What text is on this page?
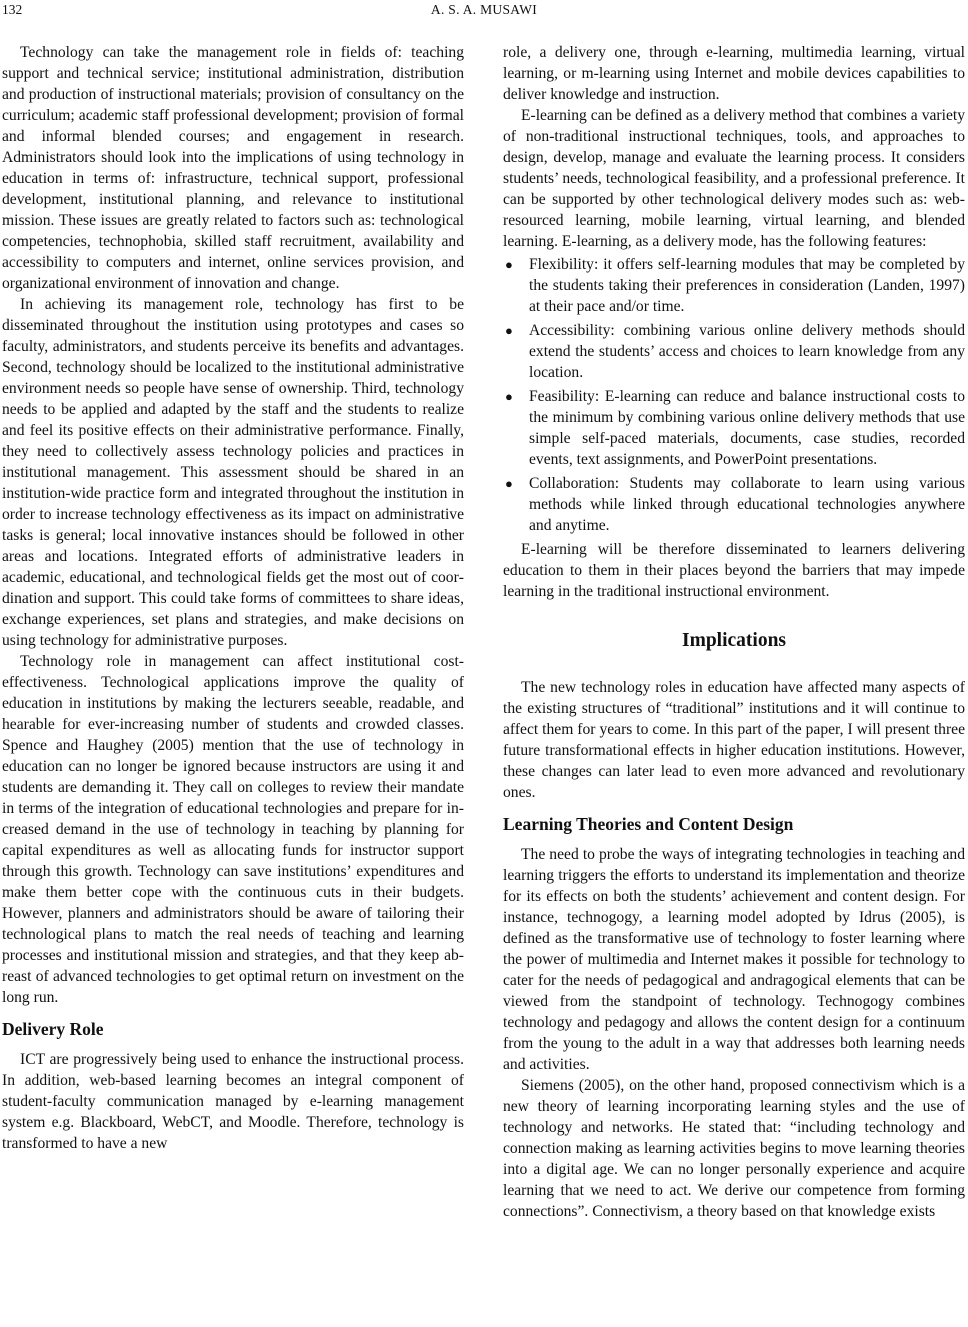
132	A. S. A. MUSAWI

Technology can take the management role in fields of: teaching support and technical service; institutional administration, distribution and production of instructional materials; provision of consultancy on the curriculum; academic staff professional development; provision of formal and informal blended courses; and engagement in research. Administrators should look into the implications of using technology in education in terms of: infrastructure, technical support, professional development, institutional planning, and relevance to institutional mission. These issues are greatly related to factors such as: technological competencies, technophobia, skilled staff recruitment, availability and accessibility to computers and internet, online services provision, and organizational environment of innovation and change.

In achieving its management role, technology has first to be disseminated throughout the institution using prototypes and cases so faculty, administrators, and students perceive its benefits and advantages. Second, technology should be localized to the institutional administrative environment needs so people have sense of ownership. Third, technology needs to be applied and adapted by the staff and the students to realize and feel its positive effects on their administrative performance. Finally, they need to collectively assess technology policies and practices in institutional management. This assessment should be shared in an institution-wide practice form and integrated throughout the institution in order to increase technology effectiveness as its impact on administrative tasks is general; local innovative instances should be followed in other areas and locations. Integrated efforts of administrative leaders in academic, educational, and technological fields get the most out of coordination and support. This could take forms of committees to share ideas, exchange experiences, set plans and strategies, and make decisions on using technology for administrative purposes.

Technology role in management can affect institutional cost-effectiveness. Technological applications improve the quality of education in institutions by making the lecturers seeable, readable, and hearable for ever-increasing number of students and crowded classes. Spence and Haughey (2005) mention that the use of technology in education can no longer be ignored because instructors are using it and students are demanding it. They call on colleges to review their mandate in terms of the integration of educational technologies and prepare for increased demand in the use of technology in teaching by planning for capital expenditures as well as allocating funds for instructor support through this growth. Technology can save institutions’ expenditures and make them better cope with the continuous cuts in their budgets. However, planners and administrators should be aware of tailoring their technological plans to match the real needs of teaching and learning processes and institutional mission and strategies, and that they keep abreast of advanced technologies to get optimal return on investment on the long run.

Delivery Role

ICT are progressively being used to enhance the instructional process. In addition, web-based learning becomes an integral component of student-faculty communication managed by e-learning management system e.g. Blackboard, WebCT, and Moodle. Therefore, technology is transformed to have a new

role, a delivery one, through e-learning, multimedia learning, virtual learning, or m-learning using Internet and mobile devices capabilities to deliver knowledge and instruction.

E-learning can be defined as a delivery method that combines a variety of non-traditional instructional techniques, tools, and approaches to design, develop, manage and evaluate the learning process. It considers students’ needs, technological feasibility, and a professional preference. It can be supported by other technological delivery modes such as: web-resourced learning, mobile learning, virtual learning, and blended learning. E-learning, as a delivery mode, has the following features:

● Flexibility: it offers self-learning modules that may be completed by the students taking their preferences in consideration (Landen, 1997) at their pace and/or time.
● Accessibility: combining various online delivery methods should extend the students’ access and choices to learn knowledge from any location.
● Feasibility: E-learning can reduce and balance instructional costs to the minimum by combining various online delivery methods that use simple self-paced materials, documents, case studies, recorded events, text assignments, and PowerPoint presentations.
● Collaboration: Students may collaborate to learn using various methods while linked through educational technologies anywhere and anytime.

E-learning will be therefore disseminated to learners delivering education to them in their places beyond the barriers that may impede learning in the traditional instructional environment.

Implications

The new technology roles in education have affected many aspects of the existing structures of “traditional” institutions and it will continue to affect them for years to come. In this part of the paper, I will present three future transformational effects in higher education institutions. However, these changes can later lead to even more advanced and revolutionary ones.

Learning Theories and Content Design

The need to probe the ways of integrating technologies in teaching and learning triggers the efforts to understand its implementation and theorize for its effects on both the students’ achievement and content design. For instance, technogogy, a learning model adopted by Idrus (2005), is defined as the transformative use of technology to foster learning where the power of multimedia and Internet makes it possible for technology to cater for the needs of pedagogical and andragogical elements that can be viewed from the standpoint of technology. Technogogy combines technology and pedagogy and allows the content design for a continuum from the young to the adult in a way that addresses both learning needs and activities.

Siemens (2005), on the other hand, proposed connectivism which is a new theory of learning incorporating learning styles and the use of technology and networks. He stated that: “including technology and connection making as learning activities begins to move learning theories into a digital age. We can no longer personally experience and acquire learning that we need to act. We derive our competence from forming connections”. Connectivism, a theory based on that knowledge exists
